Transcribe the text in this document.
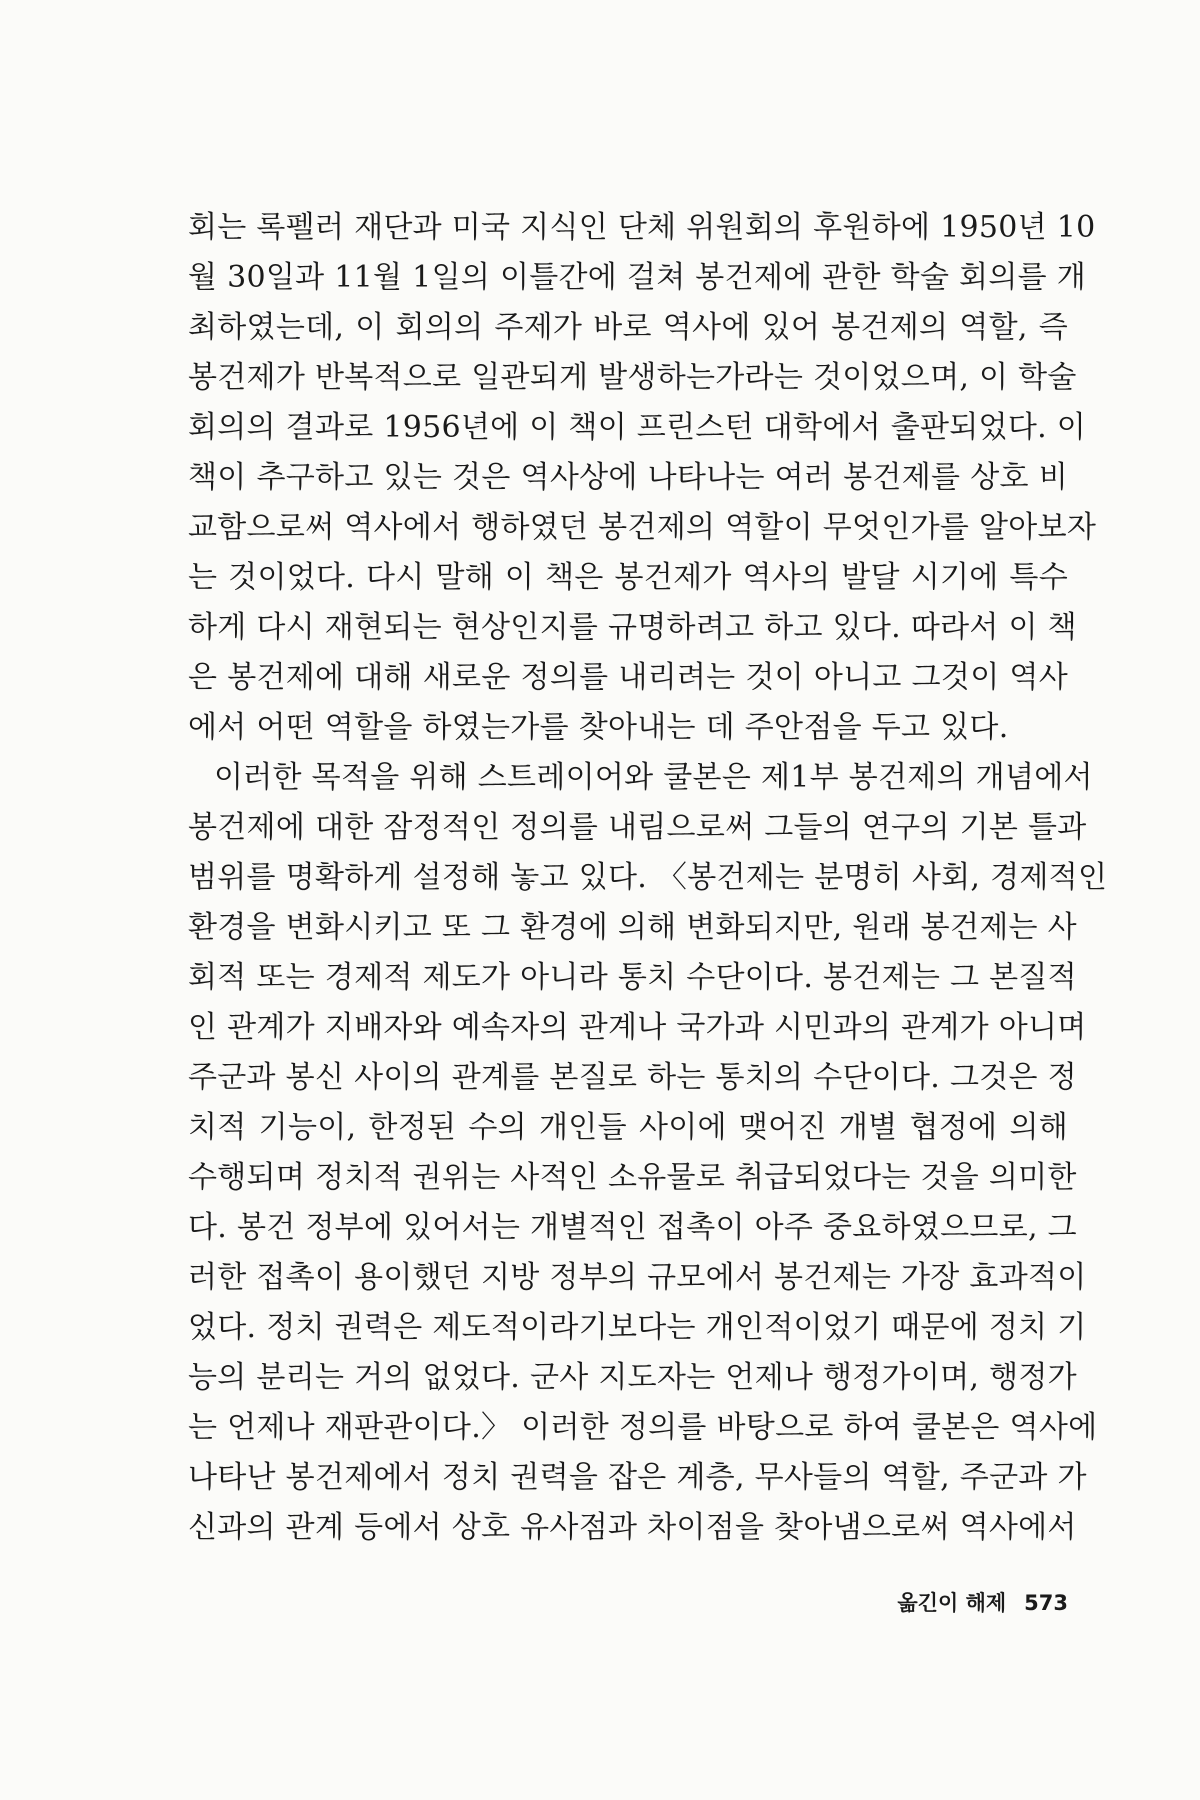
회는 록펠러 재단과 미국 지식인 단체 위원회의 후원하에 1950년 10
월 30일과 11월 1일의 이틀간에 걸쳐 봉건제에 관한 학술 회의를 개
최하였는데, 이 회의의 주제가 바로 역사에 있어 봉건제의 역할, 즉
봉건제가 반복적으로 일관되게 발생하는가라는 것이었으며, 이 학술
회의의 결과로 1956년에 이 책이 프린스턴 대학에서 출판되었다. 이
책이 추구하고 있는 것은 역사상에 나타나는 여러 봉건제를 상호 비
교함으로써 역사에서 행하였던 봉건제의 역할이 무엇인가를 알아보자
는 것이었다. 다시 말해 이 책은 봉건제가 역사의 발달 시기에 특수
하게 다시 재현되는 현상인지를 규명하려고 하고 있다. 따라서 이 책
은 봉건제에 대해 새로운 정의를 내리려는 것이 아니고 그것이 역사
에서 어떤 역할을 하였는가를 찾아내는 데 주안점을 두고 있다.
이러한 목적을 위해 스트레이어와 쿨본은 제1부 봉건제의 개념에서
봉건제에 대한 잠정적인 정의를 내림으로써 그들의 연구의 기본 틀과
범위를 명확하게 설정해 놓고 있다. 〈봉건제는 분명히 사회, 경제적인
환경을 변화시키고 또 그 환경에 의해 변화되지만, 원래 봉건제는 사
회적 또는 경제적 제도가 아니라 통치 수단이다. 봉건제는 그 본질적
인 관계가 지배자와 예속자의 관계나 국가과 시민과의 관계가 아니며
주군과 봉신 사이의 관계를 본질로 하는 통치의 수단이다. 그것은 정
치적 기능이, 한정된 수의 개인들 사이에 맺어진 개별 협정에 의해
수행되며 정치적 권위는 사적인 소유물로 취급되었다는 것을 의미한
다. 봉건 정부에 있어서는 개별적인 접촉이 아주 중요하였으므로, 그
러한 접촉이 용이했던 지방 정부의 규모에서 봉건제는 가장 효과적이
었다. 정치 권력은 제도적이라기보다는 개인적이었기 때문에 정치 기
능의 분리는 거의 없었다. 군사 지도자는 언제나 행정가이며, 행정가
는 언제나 재판관이다.〉 이러한 정의를 바탕으로 하여 쿨본은 역사에
나타난 봉건제에서 정치 권력을 잡은 계층, 무사들의 역할, 주군과 가
신과의 관계 등에서 상호 유사점과 차이점을 찾아냄으로써 역사에서
옮긴이 해제 573
